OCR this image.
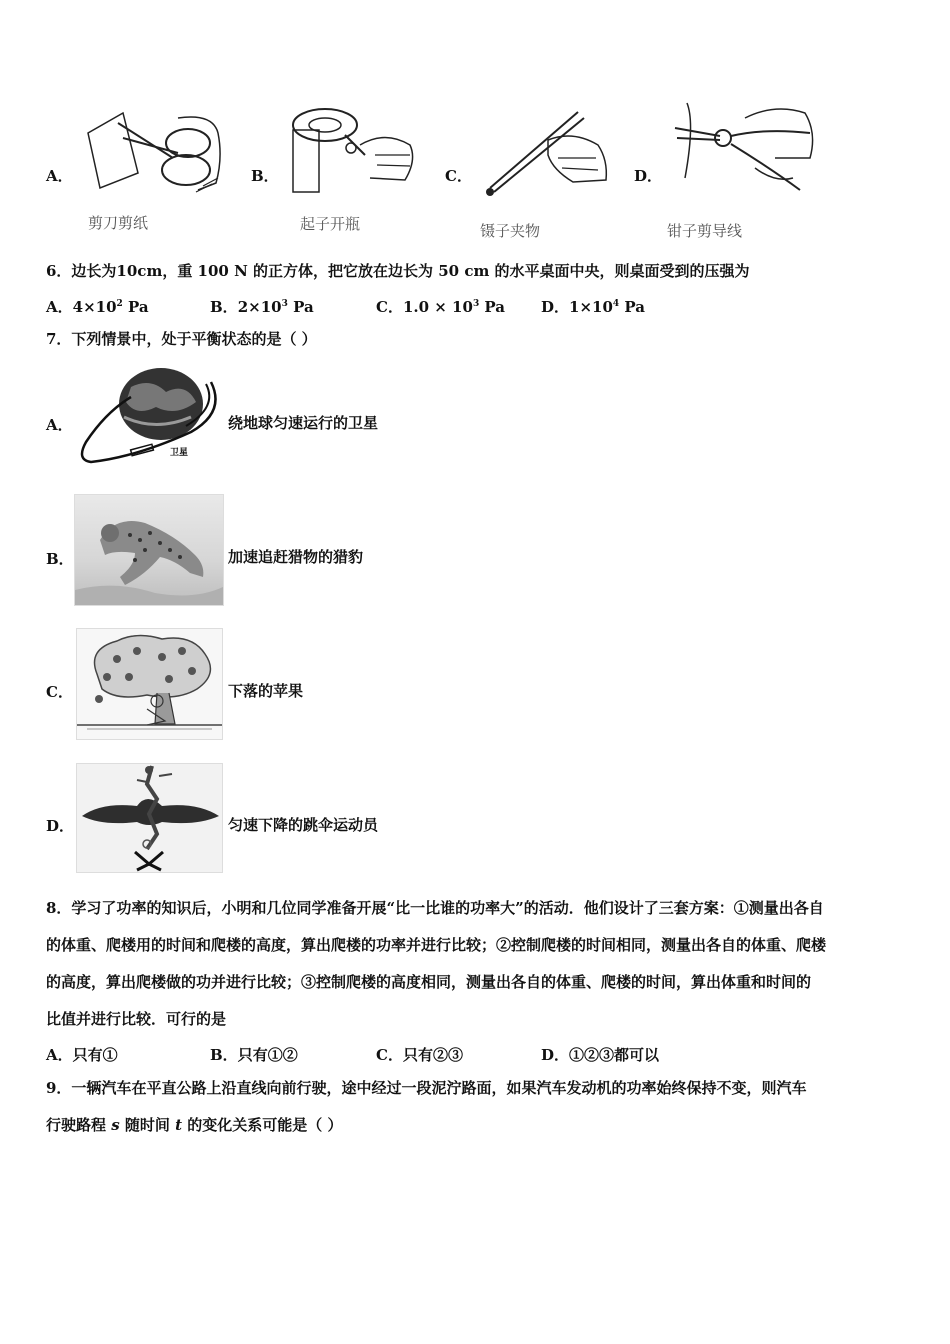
A．
剪刀剪纸
B．
起子开瓶
C．
镊子夹物
D．
钳子剪导线
6．边长为10cm，重 100 N 的正方体，把它放在边长为 50 cm 的水平桌面中央，则桌面受到的压强为
A．$4\times 10^2$ Pa	B．$2\times 10^3$ Pa	C．$1.0 \times 10^3$ Pa D．$1\times 10^4$ Pa
7．下列情景中，处于平衡状态的是（ ）
A．
卫星
绕地球匀速运行的卫星
B．	加速追赶猎物的猎豹
C．	下落的苹果
D．	匀速下降的跳伞运动员
8．学习了功率的知识后，小明和几位同学准备开展“比一比谁的功率大”的活动．他们设计了三套方案：①测量出各自
的体重、爬楼用的时间和爬楼的高度，算出爬楼的功率并进行比较；②控制爬楼的时间相同，测量出各自的体重、爬楼
的高度，算出爬楼做的功并进行比较；③控制爬楼的高度相同，测量出各自的体重、爬楼的时间，算出体重和时间的
比值并进行比较．可行的是
A．只有①	B．只有①②	C．只有②③	D．①②③都可以
9．一辆汽车在平直公路上沿直线向前行驶，途中经过一段泥泞路面，如果汽车发动机的功率始终保持不变，则汽车
行驶路程 s 随时间 t 的变化关系可能是（ ）
